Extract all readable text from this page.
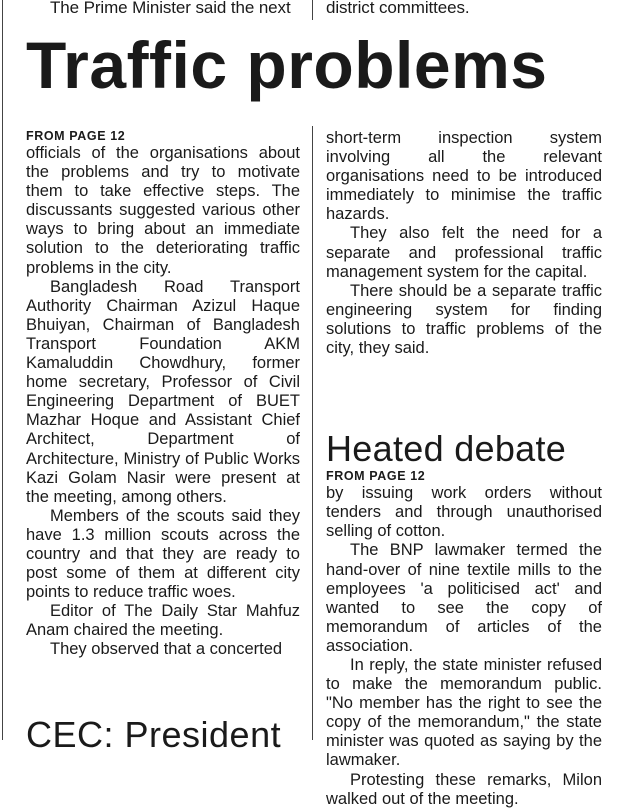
The Prime Minister said the next district committees.
Traffic problems

FROM PAGE 12

officials of the organisations about the problems and try to motivate them to take effective steps. The discussants suggested various other ways to bring about an immediate solution to the deteriorating traffic problems in the city.

Bangladesh Road Transport Authority Chairman Azizul Haque Bhuiyan, Chairman of Bangladesh Transport Foundation AKM Kamaluddin Chowdhury, former home secretary, Professor of Civil Engineering Department of BUET Mazhar Hoque and Assistant Chief Architect, Department of Architecture, Ministry of Public Works Kazi Golam Nasir were present at the meeting, among others.

Members of the scouts said they have 1.3 million scouts across the country and that they are ready to post some of them at different city points to reduce traffic woes.

Editor of The Daily Star Mahfuz Anam chaired the meeting.

They observed that a concerted

short-term inspection system involving all the relevant organisations need to be introduced immediately to minimise the traffic hazards.

They also felt the need for a separate and professional traffic management system for the capital.

There should be a separate traffic engineering system for finding solutions to traffic problems of the city, they said.

Heated debate

FROM PAGE 12

by issuing work orders without tenders and through unauthorised selling of cotton.

The BNP lawmaker termed the hand-over of nine textile mills to the employees 'a politicised act' and wanted to see the copy of memorandum of articles of the association.

In reply, the state minister refused to make the memorandum public. "No member has the right to see the copy of the memorandum," the state minister was quoted as saying by the lawmaker.

Protesting these remarks, Milon walked out of the meeting.

CEC: President
